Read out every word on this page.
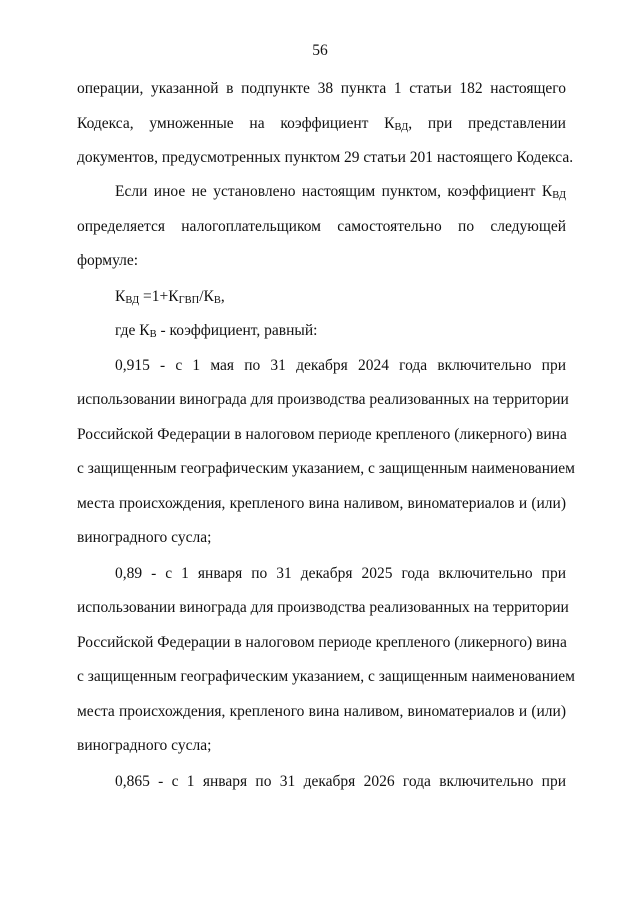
56
операции, указанной в подпункте 38 пункта 1 статьи 182 настоящего
Кодекса, умноженные на коэффициент $К_{ВД}$, при представлении
документов, предусмотренных пунктом 29 статьи 201 настоящего Кодекса.
Если иное не установлено настоящим пунктом, коэффициент $К_{ВД}$
определяется налогоплательщиком самостоятельно по следующей
формуле:
$К_{ВД} =1+К_{ГВП}/К_В$,
где $К_В$ - коэффициент, равный:
0,915 - с 1 мая по 31 декабря 2024 года включительно при
использовании винограда для производства реализованных на территории
Российской Федерации в налоговом периоде крепленого (ликерного) вина
с защищенным географическим указанием, с защищенным наименованием
места происхождения, крепленого вина наливом, виноматериалов и (или)
виноградного сусла;
0,89 - с 1 января по 31 декабря 2025 года включительно при
использовании винограда для производства реализованных на территории
Российской Федерации в налоговом периоде крепленого (ликерного) вина
с защищенным географическим указанием, с защищенным наименованием
места происхождения, крепленого вина наливом, виноматериалов и (или)
виноградного сусла;
0,865 - с 1 января по 31 декабря 2026 года включительно при
